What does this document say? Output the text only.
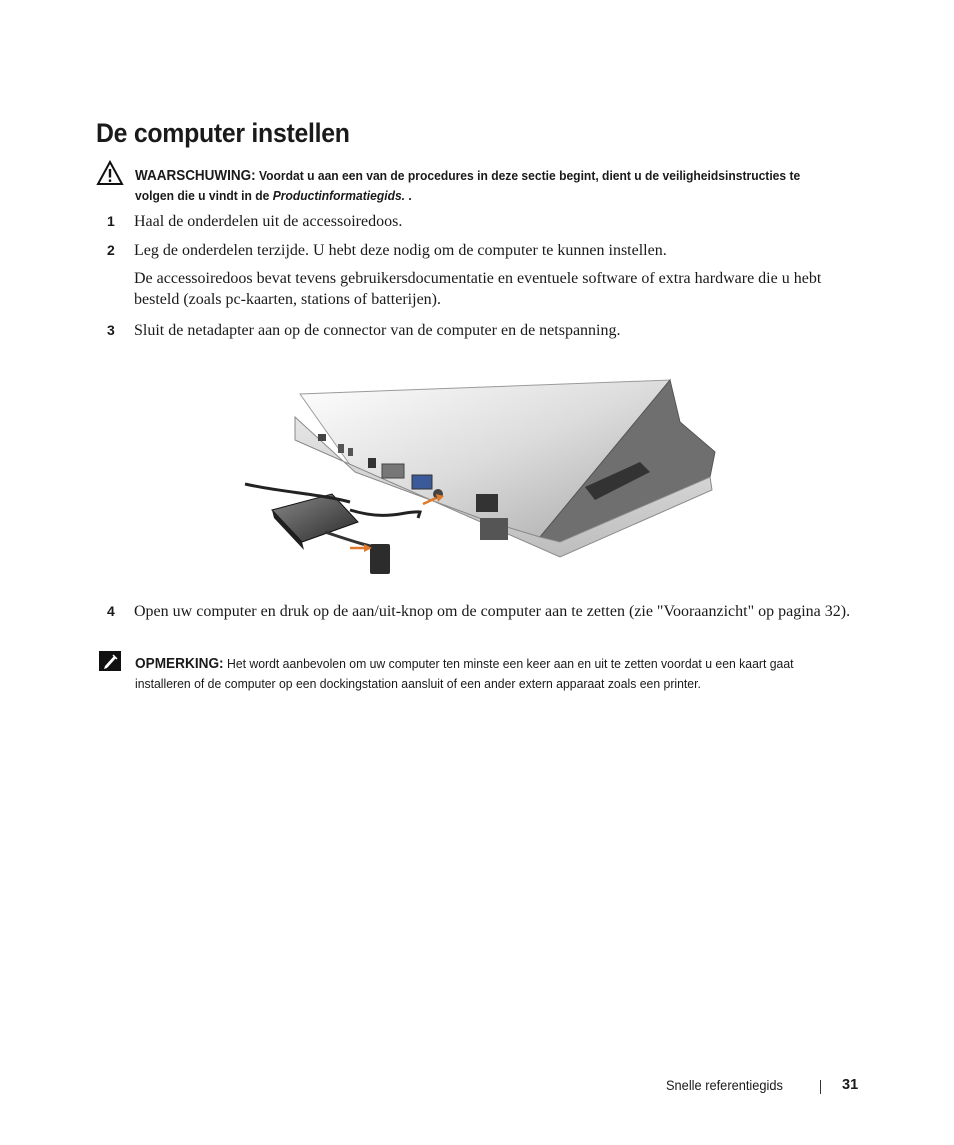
De computer instellen
WAARSCHUWING: Voordat u aan een van de procedures in deze sectie begint, dient u de veiligheidsinstructies te volgen die u vindt in de Productinformatiegids. .
1 Haal de onderdelen uit de accessoiredoos.
2 Leg de onderdelen terzijde. U hebt deze nodig om de computer te kunnen instellen.
De accessoiredoos bevat tevens gebruikersdocumentatie en eventuele software of extra hardware die u hebt besteld (zoals pc-kaarten, stations of batterijen).
3 Sluit de netadapter aan op de connector van de computer en de netspanning.
4 Open uw computer en druk op de aan/uit-knop om de computer aan te zetten (zie "Vooraanzicht" op pagina 32).
OPMERKING: Het wordt aanbevolen om uw computer ten minste een keer aan en uit te zetten voordat u een kaart gaat installeren of de computer op een dockingstation aansluit of een ander extern apparaat zoals een printer.
Snelle referentiegids	31
